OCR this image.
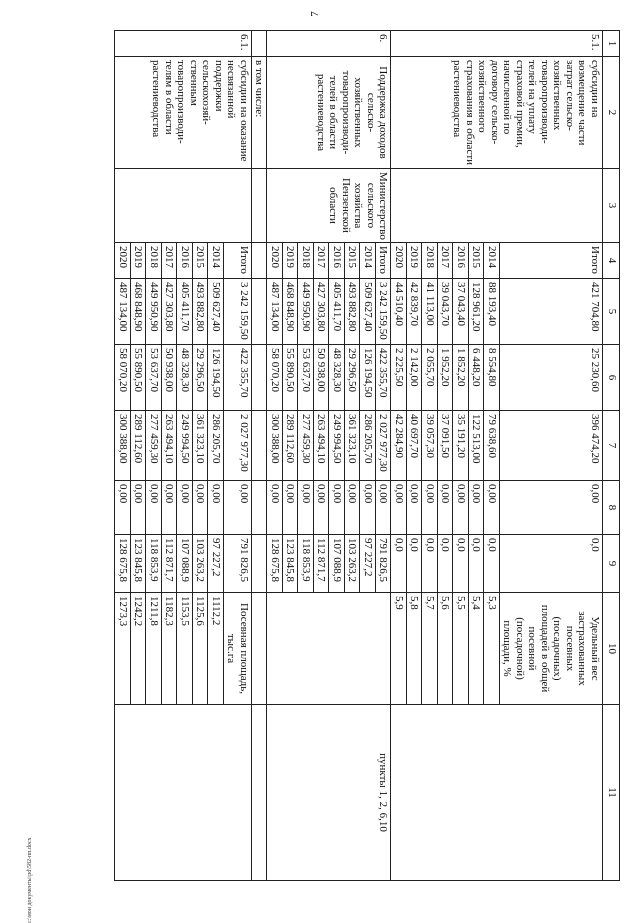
7
c:\мои документы\pd\582-пп.docx
1	2	3	4	5	6	7	8	9	10	11
5.1.	субсидии на возмещение части затрат сельско-хозяйственных товаропроизводи-телей на уплату страховой премии, начисленной по договору сельско-хозяйственного страхования в области растениеводства		Итого	421 704,80	25 230,60	396 474,20	0,00	0,0	Удельный вес застрахованных посевных (посадочных) площадей в общей посевной (посадочной) площади, %	
			2014	88 193,40	8 554,80	79 638,60	0,00	0,0	5,3	
			2015	128 961,20	6 448,20	122 513,00	0,00	0,0	5,4	
			2016	37 043,40	1 852,20	35 191,20	0,00	0,0	5,5	
			2017	39 043,70	1 952,20	37 091,50	0,00	0,0	5,6	
			2018	41 113,00	2 055,70	39 057,30	0,00	0,0	5,7	
			2019	42 839,70	2 142,00	40 697,70	0,00	0,0	5,8	
			2020	44 510,40	2 225,50	42 284,90	0,00	0,0	5,9	
6.	Поддержка доходов сельско-хозяйственных товаропроизводи-телей в области растениеводства	Министерство сельского хозяйства Пензенской области	Итого	3 242 159,50	422 355,70	2 027 977,30	0,00	791 826,5		пункты 1, 2, 6,10
			2014	509 627,40	126 194,50	286 205,70	0,00	97 227,2		
			2015	493 882,80	29 296,50	361 323,10	0,00	103 263,2		
			2016	405 411,70	48 328,30	249 994,50	0,00	107 088,9		
			2017	427 303,80	50 938,00	263 494,10	0,00	112 871,7		
			2018	449 950,90	53 637,70	277 459,30	0,00	118 853,9		
			2019	468 848,90	55 890,50	289 112,60	0,00	123 845,8		
			2020	487 134,00	58 070,20	300 388,00	0,00	128 675,8		
	в том числе:									
6.1.	субсидии на оказание несвязанной поддержки сельскохозяй-ственным товаропроизводи-телям в области растениеводства		Итого	3 242 159,50	422 355,70	2 027 977,30	0,00	791 826,5	Посевная площадь, тыс.га	
			2014	509 627,40	126 194,50	286 205,70	0,00	97 227,2	1112,2	
			2015	493 882,80	29 296,50	361 323,10	0,00	103 263,2	1125,6	
			2016	405 411,70	48 328,30	249 994,50	0,00	107 088,9	1153,5	
			2017	427 303,80	50 938,00	263 494,10	0,00	112 871,7	1182,3	
			2018	449 950,90	53 637,70	277 459,30	0,00	118 853,9	1211,8	
			2019	468 848,90	55 890,50	289 112,60	0,00	123 845,8	1242,2	
			2020	487 134,00	58 070,20	300 388,00	0,00	128 675,8	1273,3	
